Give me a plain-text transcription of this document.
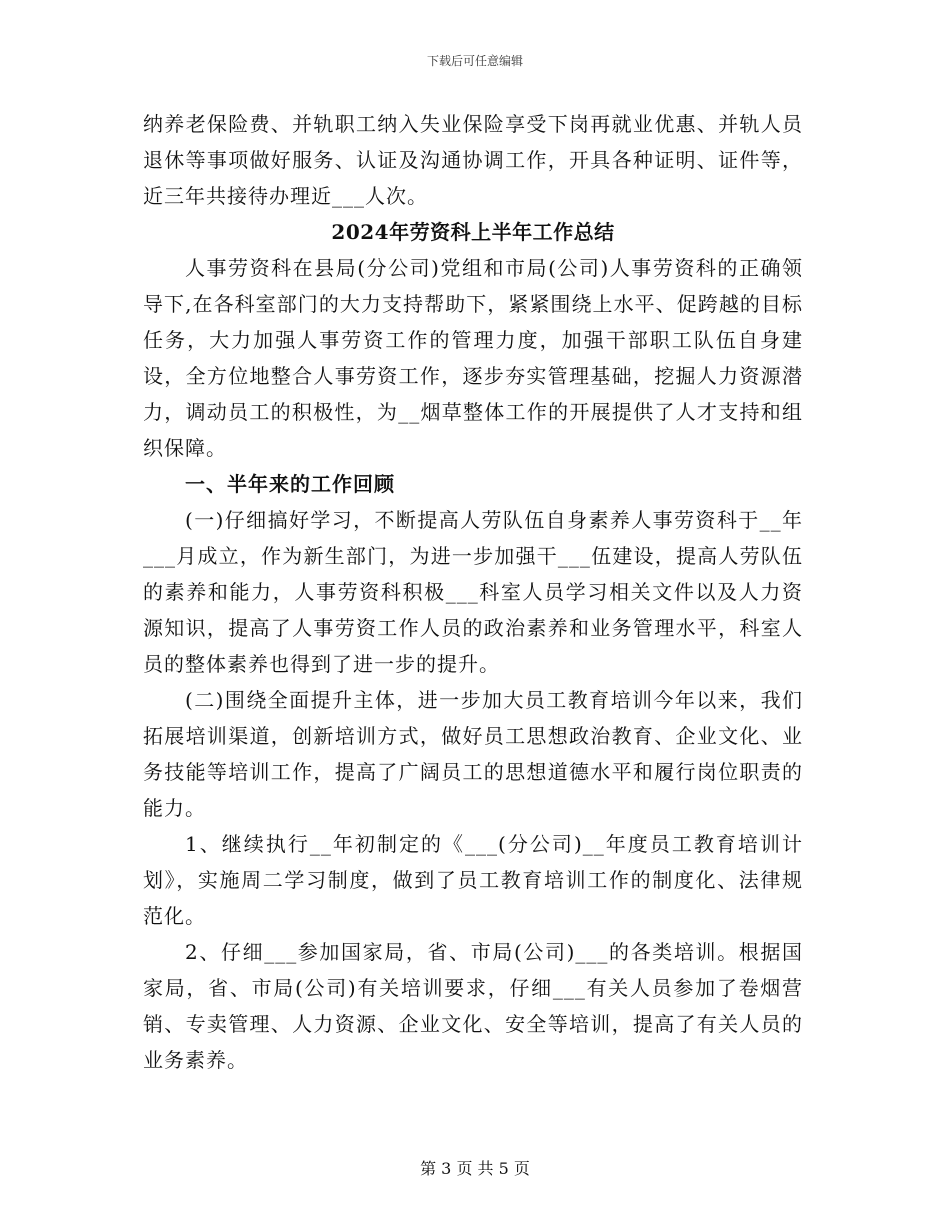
下载后可任意编辑

纳养老保险费、并轨职工纳入失业保险享受下岗再就业优惠、并轨人员退休等事项做好服务、认证及沟通协调工作，开具各种证明、证件等，近三年共接待办理近___人次。

2024年劳资科上半年工作总结

人事劳资科在县局(分公司)党组和市局(公司)人事劳资科的正确领导下,在各科室部门的大力支持帮助下，紧紧围绕上水平、促跨越的目标任务，大力加强人事劳资工作的管理力度，加强干部职工队伍自身建设，全方位地整合人事劳资工作，逐步夯实管理基础，挖掘人力资源潜力，调动员工的积极性，为__烟草整体工作的开展提供了人才支持和组织保障。

一、半年来的工作回顾

(一)仔细搞好学习，不断提高人劳队伍自身素养人事劳资科于__年___月成立，作为新生部门，为进一步加强干___伍建设，提高人劳队伍的素养和能力，人事劳资科积极___科室人员学习相关文件以及人力资源知识，提高了人事劳资工作人员的政治素养和业务管理水平，科室人员的整体素养也得到了进一步的提升。

(二)围绕全面提升主体，进一步加大员工教育培训今年以来，我们拓展培训渠道，创新培训方式，做好员工思想政治教育、企业文化、业务技能等培训工作，提高了广阔员工的思想道德水平和履行岗位职责的能力。

1、继续执行__年初制定的《___(分公司)__年度员工教育培训计划》，实施周二学习制度，做到了员工教育培训工作的制度化、法律规范化。

2、仔细___参加国家局，省、市局(公司)___的各类培训。根据国家局，省、市局(公司)有关培训要求，仔细___有关人员参加了卷烟营销、专卖管理、人力资源、企业文化、安全等培训，提高了有关人员的业务素养。

第 3 页 共 5 页
